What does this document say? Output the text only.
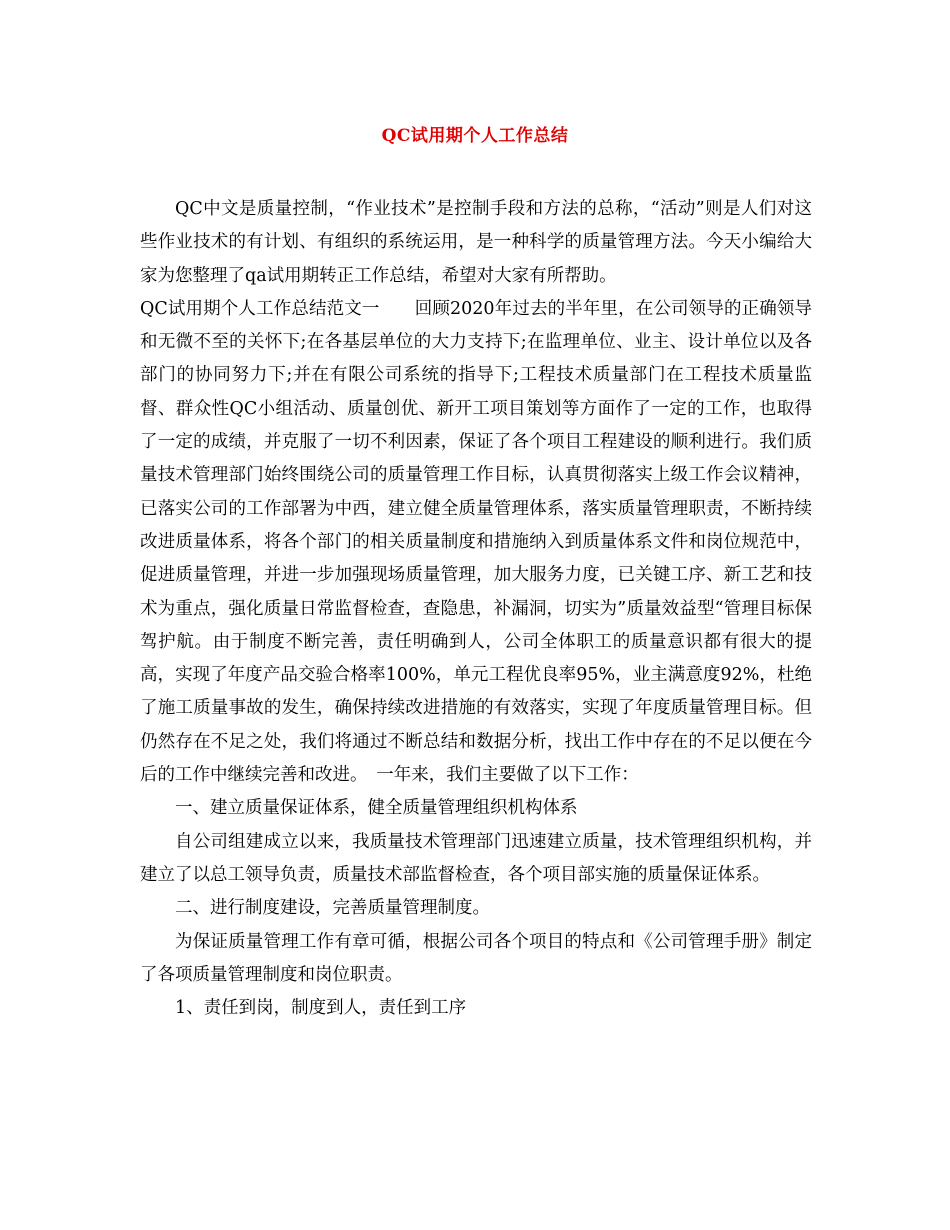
QC试用期个人工作总结

QC中文是质量控制，“作业技术”是控制手段和方法的总称，“活动”则是人们对这些作业技术的有计划、有组织的系统运用，是一种科学的质量管理方法。今天小编给大家为您整理了qa试用期转正工作总结，希望对大家有所帮助。

QC试用期个人工作总结范文一　　回顾2020年过去的半年里，在公司领导的正确领导和无微不至的关怀下;在各基层单位的大力支持下;在监理单位、业主、设计单位以及各部门的协同努力下;并在有限公司系统的指导下;工程技术质量部门在工程技术质量监督、群众性QC小组活动、质量创优、新开工项目策划等方面作了一定的工作，也取得了一定的成绩，并克服了一切不利因素，保证了各个项目工程建设的顺利进行。我们质量技术管理部门始终围绕公司的质量管理工作目标，认真贯彻落实上级工作会议精神，已落实公司的工作部署为中西，建立健全质量管理体系，落实质量管理职责，不断持续改进质量体系，将各个部门的相关质量制度和措施纳入到质量体系文件和岗位规范中，促进质量管理，并进一步加强现场质量管理，加大服务力度，已关键工序、新工艺和技术为重点，强化质量日常监督检查，查隐患，补漏洞，切实为”质量效益型“管理目标保驾护航。由于制度不断完善，责任明确到人，公司全体职工的质量意识都有很大的提高，实现了年度产品交验合格率100%，单元工程优良率95%，业主满意度92%，杜绝了施工质量事故的发生，确保持续改进措施的有效落实，实现了年度质量管理目标。但仍然存在不足之处，我们将通过不断总结和数据分析，找出工作中存在的不足以便在今后的工作中继续完善和改进。　一年来，我们主要做了以下工作：

一、建立质量保证体系，健全质量管理组织机构体系

自公司组建成立以来，我质量技术管理部门迅速建立质量，技术管理组织机构，并建立了以总工领导负责，质量技术部监督检查，各个项目部实施的质量保证体系。

二、进行制度建设，完善质量管理制度。

为保证质量管理工作有章可循，根据公司各个项目的特点和《公司管理手册》制定了各项质量管理制度和岗位职责。

1、责任到岗，制度到人，责任到工序
